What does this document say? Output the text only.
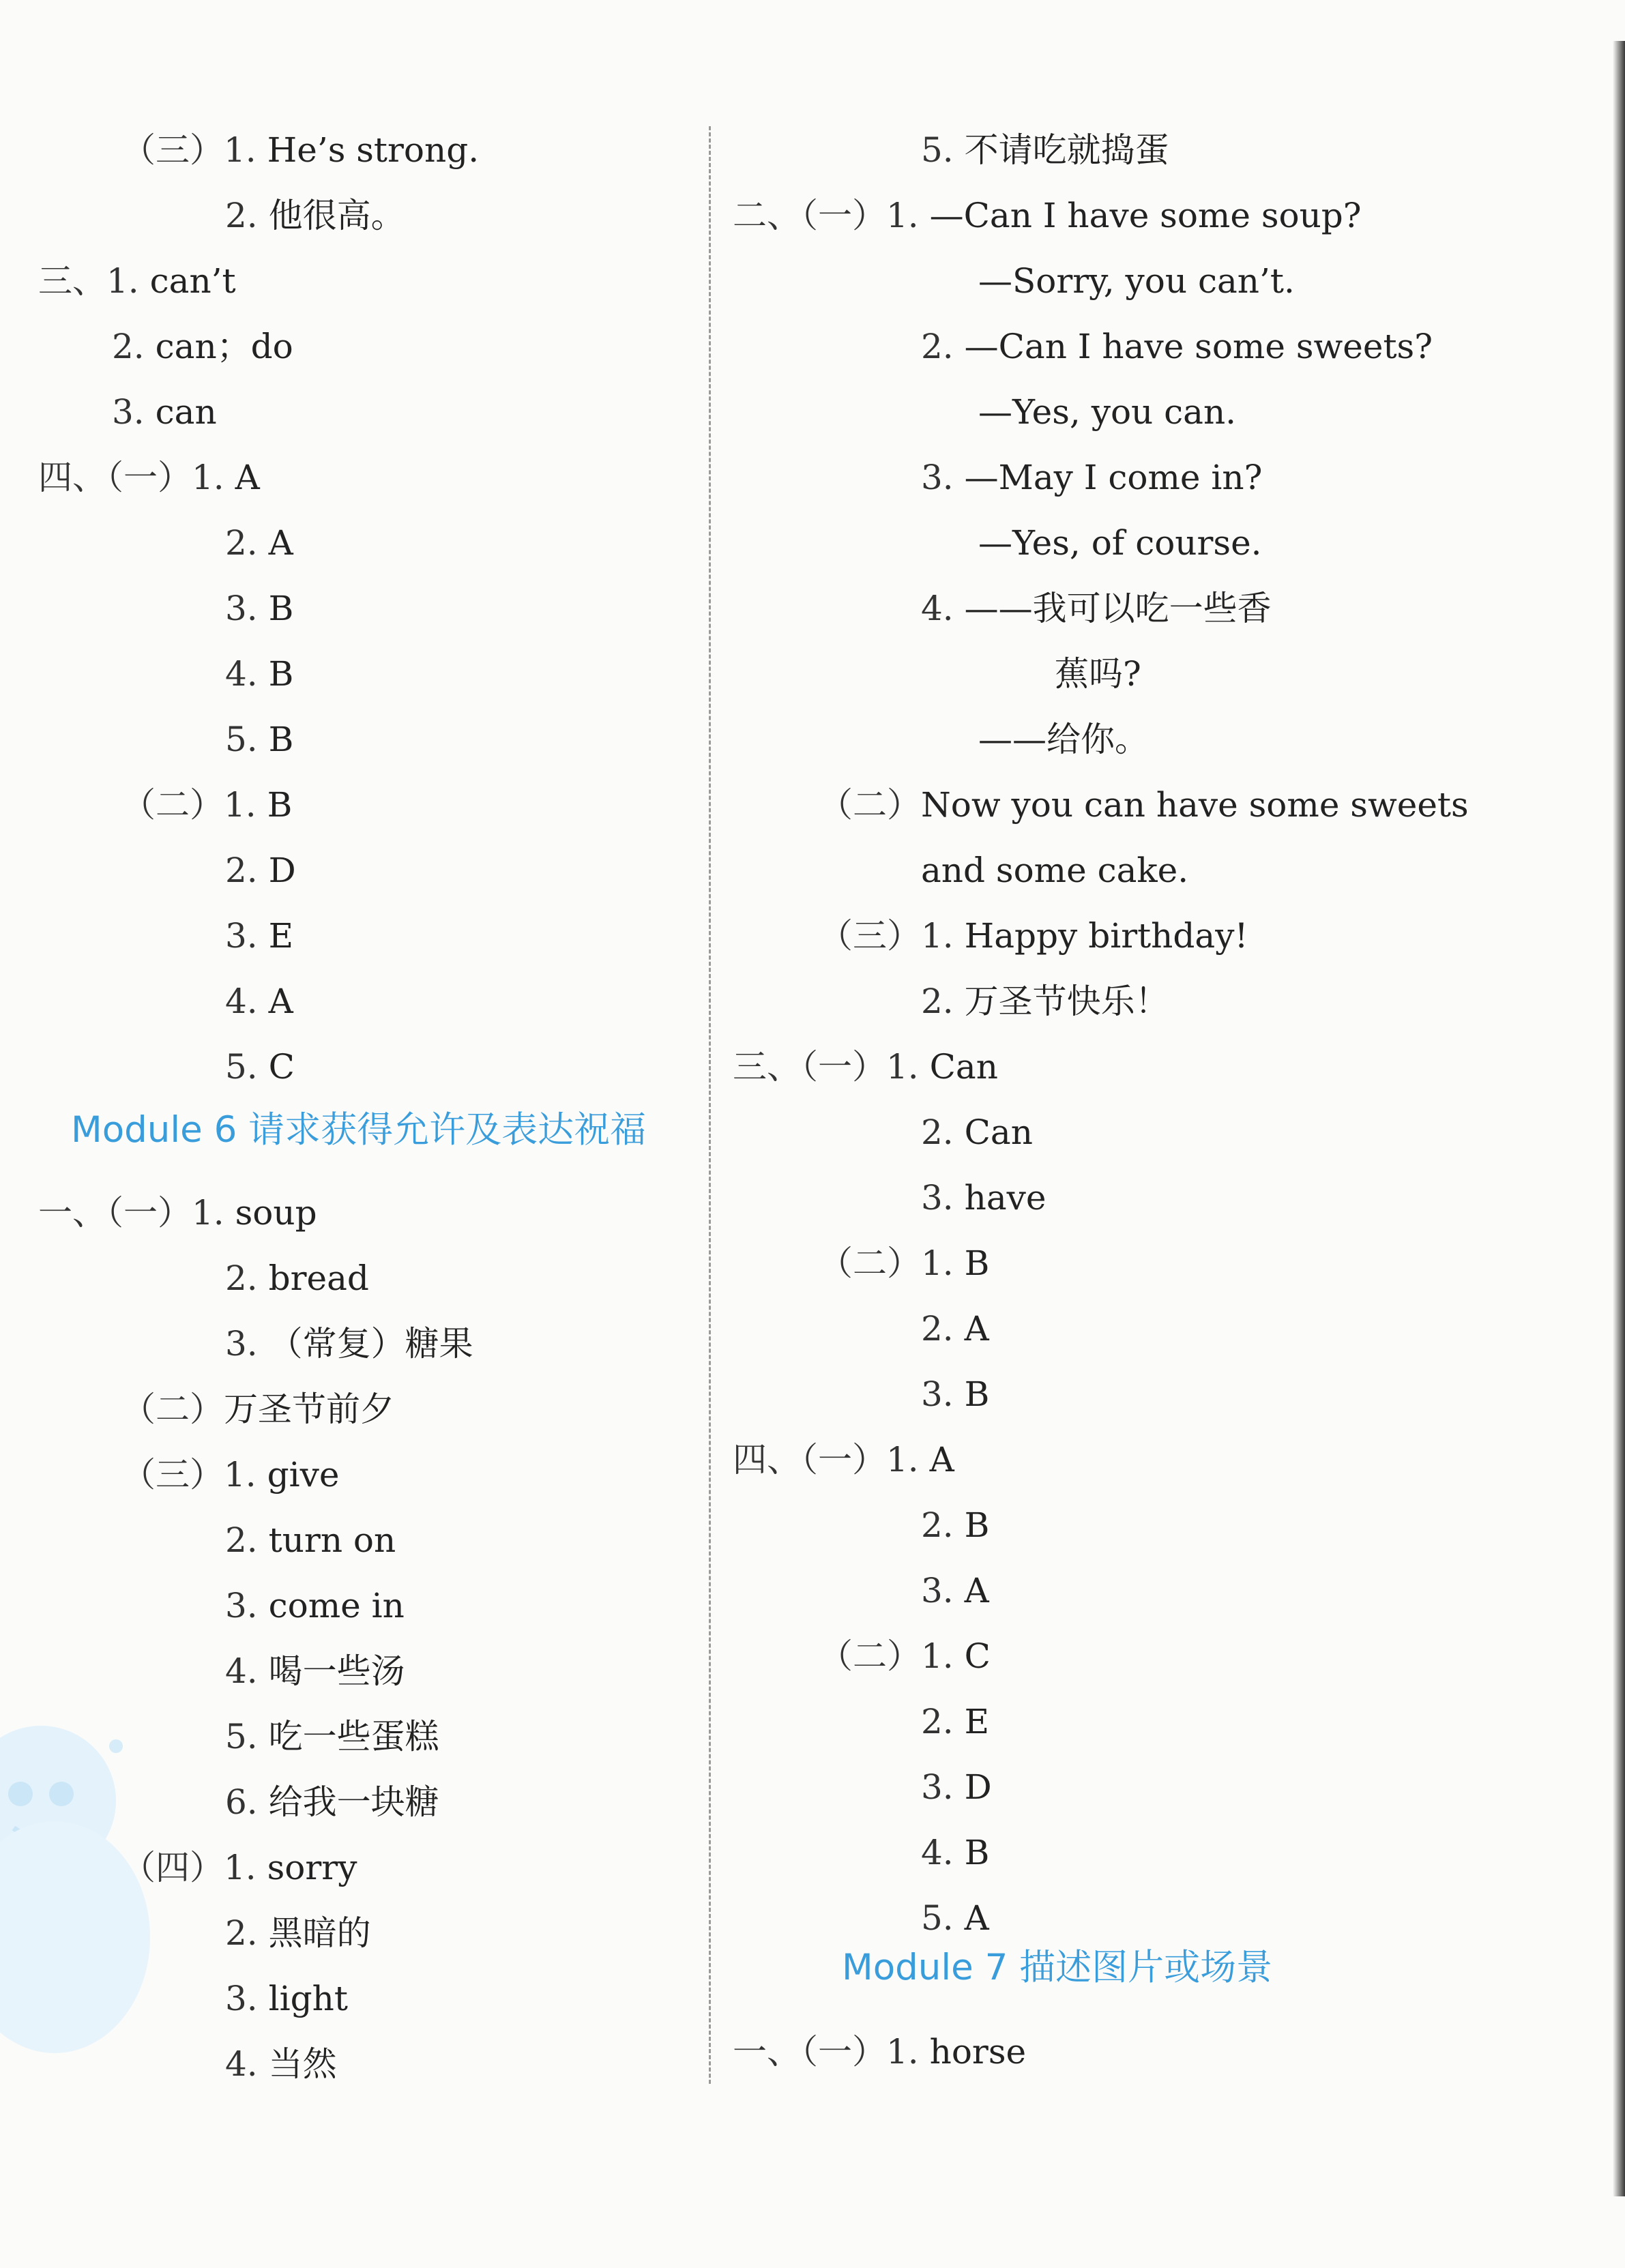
（三）1. He’s strong.
2. 他很高。
三、1. can’t
2. can；do
3. can
四、（一）1. A
2. A
3. B
4. B
5. B
（二）1. B
2. D
3. E
4. A
5. C
Module 6 请求获得允许及表达祝福
一、（一）1. soup
2. bread
3. （常复）糖果
（二）万圣节前夕
（三）1. give
2. turn on
3. come in
4. 喝一些汤
5. 吃一些蛋糕
6. 给我一块糖
（四）1. sorry
2. 黑暗的
3. light
4. 当然
5. 不请吃就捣蛋
二、（一）1. —Can I have some soup?
—Sorry, you can’t.
2. —Can I have some sweets?
—Yes, you can.
3. —May I come in?
—Yes, of course.
4. ——我可以吃一些香
蕉吗?
——给你。
（二）Now you can have some sweets
and some cake.
（三）1. Happy birthday!
2. 万圣节快乐！
三、（一）1. Can
2. Can
3. have
（二）1. B
2. A
3. B
四、（一）1. A
2. B
3. A
（二）1. C
2. E
3. D
4. B
5. A
Module 7 描述图片或场景
一、（一）1. horse
